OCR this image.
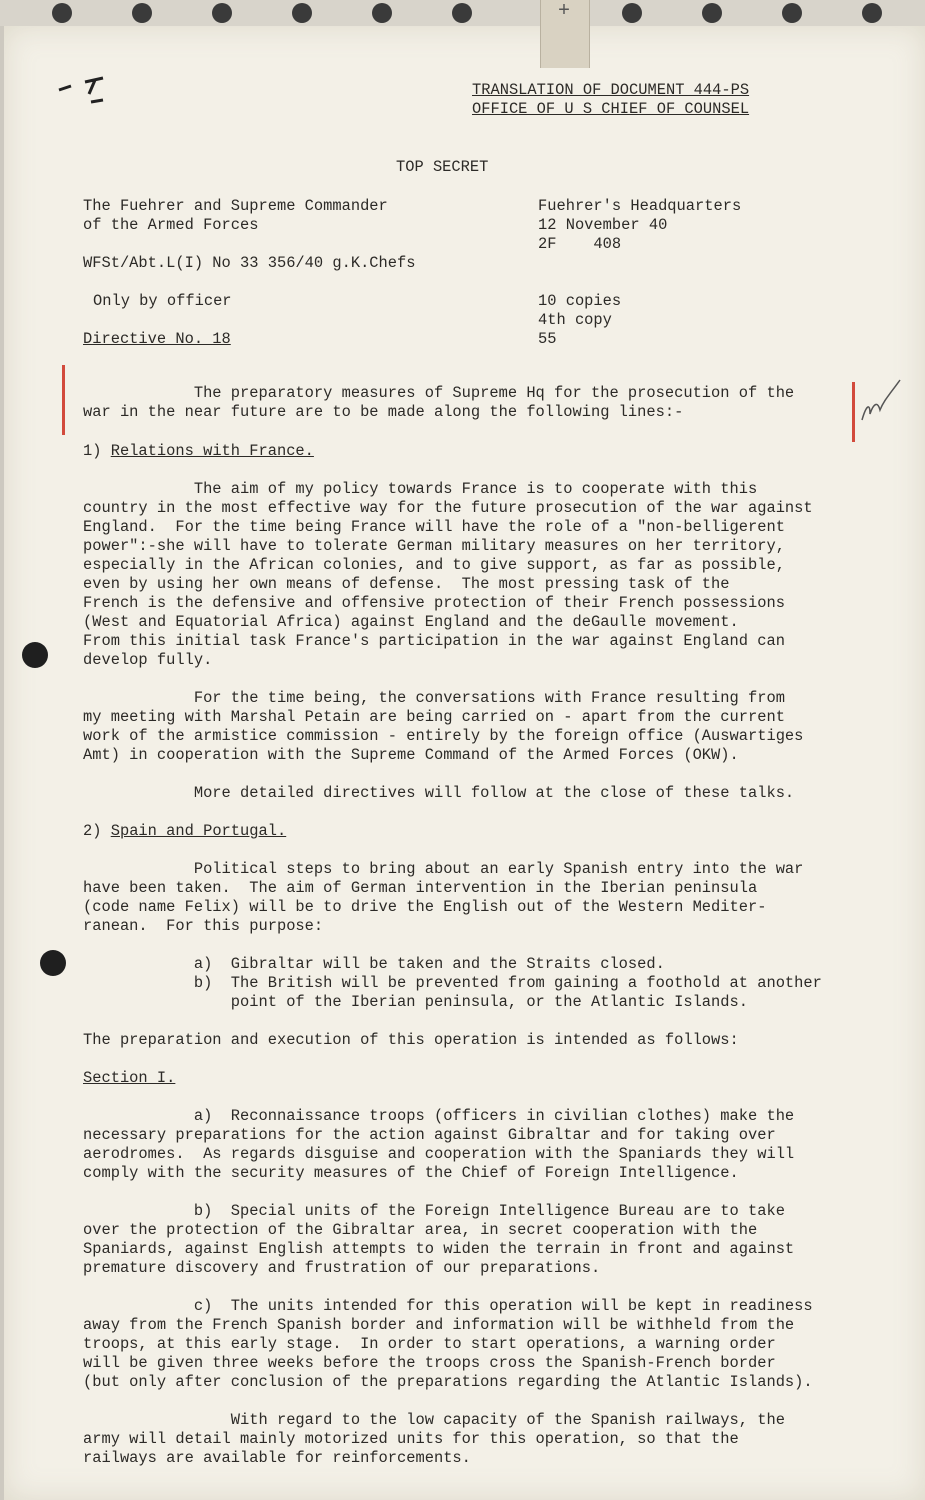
+
TRANSLATION OF DOCUMENT 444-PS
OFFICE OF U S CHIEF OF COUNSEL
TOP SECRET
The Fuehrer and Supreme Commander
of the Armed Forces
WFSt/Abt.L(I) No 33 356/40 g.K.Chefs
Only by officer
Directive No. 18
Fuehrer's Headquarters
12 November 40
2F    408
10 copies
4th copy
55
The preparatory measures of Supreme Hq for the prosecution of the
war in the near future are to be made along the following lines:-
1) Relations with France.
The aim of my policy towards France is to cooperate with this
country in the most effective way for the future prosecution of the war against
England.  For the time being France will have the role of a "non-belligerent
power":-she will have to tolerate German military measures on her territory,
especially in the African colonies, and to give support, as far as possible,
even by using her own means of defense.  The most pressing task of the
French is the defensive and offensive protection of their French possessions
(West and Equatorial Africa) against England and the deGaulle movement.
From this initial task France's participation in the war against England can
develop fully.
For the time being, the conversations with France resulting from
my meeting with Marshal Petain are being carried on - apart from the current
work of the armistice commission - entirely by the foreign office (Auswartiges
Amt) in cooperation with the Supreme Command of the Armed Forces (OKW).
More detailed directives will follow at the close of these talks.
2) Spain and Portugal.
Political steps to bring about an early Spanish entry into the war
have been taken.  The aim of German intervention in the Iberian peninsula
(code name Felix) will be to drive the English out of the Western Mediter-
ranean.  For this purpose:
a)  Gibraltar will be taken and the Straits closed.
b)  The British will be prevented from gaining a foothold at another
point of the Iberian peninsula, or the Atlantic Islands.
The preparation and execution of this operation is intended as follows:
Section I.
a)  Reconnaissance troops (officers in civilian clothes) make the
necessary preparations for the action against Gibraltar and for taking over
aerodromes.  As regards disguise and cooperation with the Spaniards they will
comply with the security measures of the Chief of Foreign Intelligence.
b)  Special units of the Foreign Intelligence Bureau are to take
over the protection of the Gibraltar area, in secret cooperation with the
Spaniards, against English attempts to widen the terrain in front and against
premature discovery and frustration of our preparations.
c)  The units intended for this operation will be kept in readiness
away from the French Spanish border and information will be withheld from the
troops, at this early stage.  In order to start operations, a warning order
will be given three weeks before the troops cross the Spanish-French border
(but only after conclusion of the preparations regarding the Atlantic Islands).
With regard to the low capacity of the Spanish railways, the
army will detail mainly motorized units for this operation, so that the
railways are available for reinforcements.
